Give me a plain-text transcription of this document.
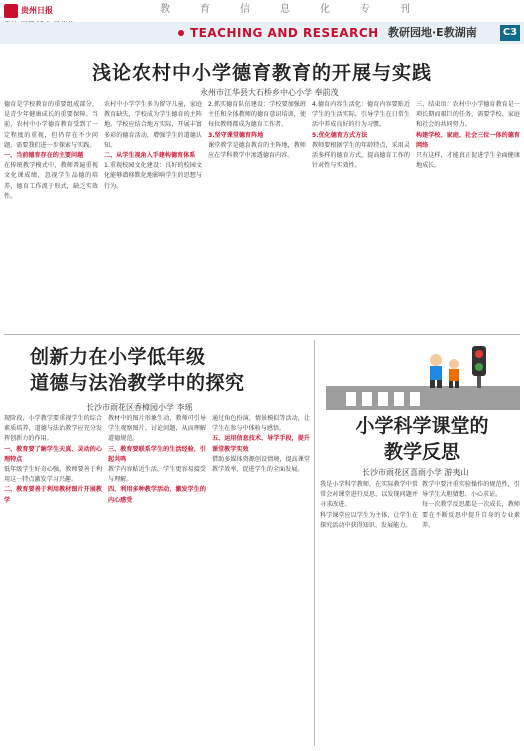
教	育	信	息	化	专	刊
贵州日报
TEACHING AND RESEARCH 教研园地·E教湖南	C3
浅论农村中小学德育教育的开展与实践
永州市江华县大石桥乡中心小学 奉前茂

德育是学校教育的重要组成部分，是青少年健康成长的重要保障。当前，农村中小学德育教育受到了一定程度的重视，但仍存在不少问题，需要我们进一步探索与实践。

一、当前德育存在的主要问题

在传统教学模式中，教师普遍重视文化课成绩，忽视学生品德的培养，德育工作流于形式，缺乏实效性。

农村中小学学生多为留守儿童，家庭教育缺失，学校成为学生德育的主阵地。学校应结合地方实际，开展丰富多彩的德育活动，增强学生的道德认知。

二、从学生视角入手建构德育体系

1.重视校园文化建设：良好的校园文化能够潜移默化地影响学生的思想与行为。

2.抓实德育队伍建设：学校要加强班主任和全体教师的德育意识培训，使每位教师都成为德育工作者。

3.坚守课堂德育阵地

课堂教学是德育教育的主阵地，教师应在学科教学中渗透德育内容。

4.德育内容生活化：德育内容要贴近学生的生活实际，引导学生在日常生活中养成良好的行为习惯。

5.优化德育方式方法

教师要根据学生的年龄特点，采用灵活多样的德育方式，提高德育工作的针对性与实效性。

三、结束语：农村中小学德育教育是一项长期而艰巨的任务，需要学校、家庭和社会的共同努力。

构建学校、家庭、社会三位一体的德育网络

只有这样，才能真正促进学生全面健康地成长。

创新力在小学低年级
道德与法治教学中的探究
长沙市雨花区香樟园小学 李瑶

现阶段，小学教学要重视学生的综合素质培养，道德与法治教学应充分发挥创新力的作用。

一、教育要了解学生天真、灵动的心理特点

低年级学生好奇心强，教师要善于利用这一特点激发学习兴趣。

二、教育要善于利用教材图片开展教学

教材中的图片形象生动，教师可引导学生观察图片、讨论问题，从而理解道德规范。

三、教育要联系学生的生活经验，引起共鸣

教学内容贴近生活，学生更容易接受与理解。

四、利用多种教学活动，激发学生的内心感受

通过角色扮演、情景模拟等活动，让学生在参与中体验与感悟。

五、运用信息技术、导学手段，提升课堂教学实效

借助多媒体资源创设情境，提高课堂教学效率，促进学生的全面发展。

小学科学课堂的
教学反思
长沙市雨花区喜雨小学 游夷山

我是小学科学教师，在实际教学中常常会对课堂进行反思，以发现问题并寻求改进。

科学课堂应以学生为主体，让学生在探究活动中获得知识、发展能力。

教学中要注重实验操作的规范性，引导学生大胆猜想、小心求证。

每一次教学反思都是一次成长，教师要在不断反思中提升自身的专业素养。
